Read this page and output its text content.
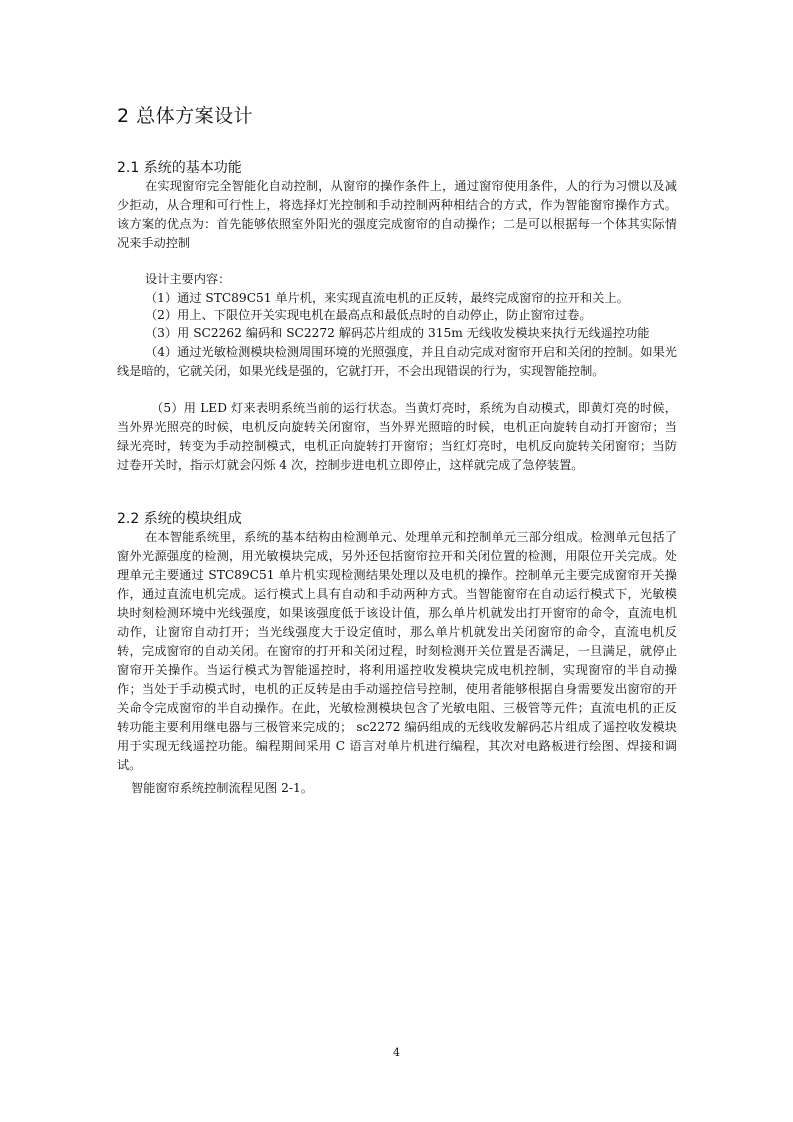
2 总体方案设计
2.1 系统的基本功能

在实现窗帘完全智能化自动控制，从窗帘的操作条件上，通过窗帘使用条件，人的行为习惯以及减少拒动，从合理和可行性上，将选择灯光控制和手动控制两种相结合的方式，作为智能窗帘操作方式。该方案的优点为：首先能够依照室外阳光的强度完成窗帘的自动操作；二是可以根据每一个体其实际情况来手动控制

设计主要内容：

（1）通过 STC89C51 单片机，来实现直流电机的正反转，最终完成窗帘的拉开和关上。

（2）用上、下限位开关实现电机在最高点和最低点时的自动停止，防止窗帘过卷。

（3）用 SC2262 编码和 SC2272 解码芯片组成的 315m 无线收发模块来执行无线遥控功能

（4）通过光敏检测模块检测周围环境的光照强度，并且自动完成对窗帘开启和关闭的控制。如果光线是暗的，它就关闭，如果光线是强的，它就打开，不会出现错误的行为，实现智能控制。

（5）用 LED 灯来表明系统当前的运行状态。当黄灯亮时，系统为自动模式，即黄灯亮的时候，当外界光照亮的时候，电机反向旋转关闭窗帘，当外界光照暗的时候，电机正向旋转自动打开窗帘；当绿光亮时，转变为手动控制模式，电机正向旋转打开窗帘；当红灯亮时，电机反向旋转关闭窗帘；当防过卷开关时，指示灯就会闪烁 4 次，控制步进电机立即停止，这样就完成了急停装置。

2.2 系统的模块组成

在本智能系统里，系统的基本结构由检测单元、处理单元和控制单元三部分组成。检测单元包括了窗外光源强度的检测，用光敏模块完成，另外还包括窗帘拉开和关闭位置的检测，用限位开关完成。处理单元主要通过 STC89C51 单片机实现检测结果处理以及电机的操作。控制单元主要完成窗帘开关操作，通过直流电机完成。运行模式上具有自动和手动两种方式。当智能窗帘在自动运行模式下，光敏模块时刻检测环境中光线强度，如果该强度低于该设计值，那么单片机就发出打开窗帘的命令，直流电机动作，让窗帘自动打开；当光线强度大于设定值时，那么单片机就发出关闭窗帘的命令，直流电机反转，完成窗帘的自动关闭。在窗帘的打开和关闭过程，时刻检测开关位置是否满足，一旦满足，就停止窗帘开关操作。当运行模式为智能遥控时，将利用遥控收发模块完成电机控制，实现窗帘的半自动操作；当处于手动模式时，电机的正反转是由手动遥控信号控制，使用者能够根据自身需要发出窗帘的开关命令完成窗帘的半自动操作。在此，光敏检测模块包含了光敏电阻、三极管等元件；直流电机的正反转功能主要利用继电器与三极管来完成的； sc2272 编码组成的无线收发解码芯片组成了遥控收发模块用于实现无线遥控功能。编程期间采用 C 语言对单片机进行编程，其次对电路板进行绘图、焊接和调试。

智能窗帘系统控制流程见图 2-1。

4
